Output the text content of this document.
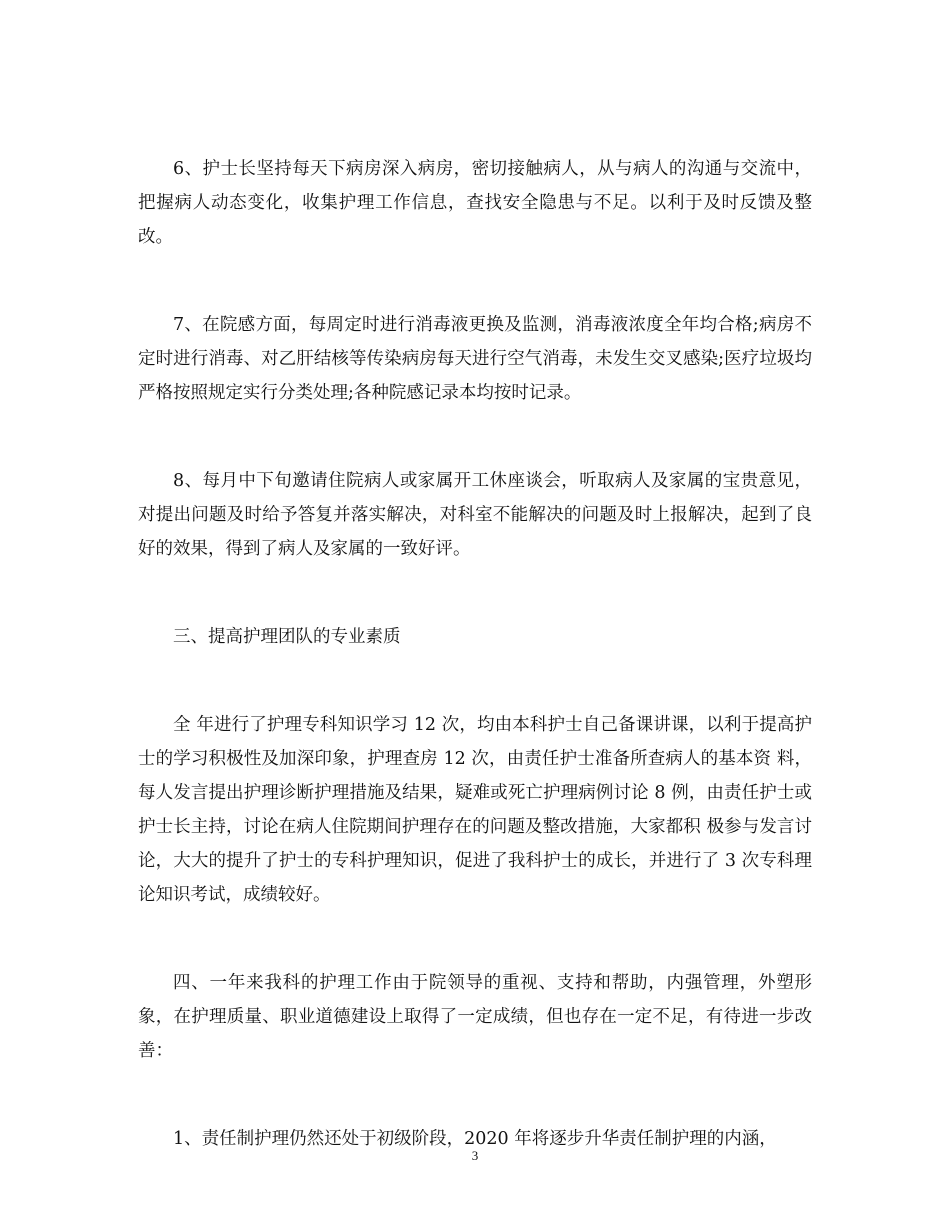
6、护士长坚持每天下病房深入病房，密切接触病人，从与病人的沟通与交流中，把握病人动态变化，收集护理工作信息，查找安全隐患与不足。以利于及时反馈及整改。

7、在院感方面，每周定时进行消毒液更换及监测，消毒液浓度全年均合格;病房不定时进行消毒、对乙肝结核等传染病房每天进行空气消毒，未发生交叉感染;医疗垃圾均严格按照规定实行分类处理;各种院感记录本均按时记录。

8、每月中下旬邀请住院病人或家属开工休座谈会，听取病人及家属的宝贵意见，对提出问题及时给予答复并落实解决，对科室不能解决的问题及时上报解决，起到了良好的效果，得到了病人及家属的一致好评。

三、提高护理团队的专业素质

全 年进行了护理专科知识学习 12 次，均由本科护士自己备课讲课，以利于提高护士的学习积极性及加深印象，护理查房 12 次，由责任护士准备所查病人的基本资 料，每人发言提出护理诊断护理措施及结果，疑难或死亡护理病例讨论 8 例，由责任护士或护士长主持，讨论在病人住院期间护理存在的问题及整改措施，大家都积 极参与发言讨论，大大的提升了护士的专科护理知识，促进了我科护士的成长，并进行了 3 次专科理论知识考试，成绩较好。

四、一年来我科的护理工作由于院领导的重视、支持和帮助，内强管理，外塑形象，在护理质量、职业道德建设上取得了一定成绩，但也存在一定不足，有待进一步改善：

1、责任制护理仍然还处于初级阶段，2020 年将逐步升华责任制护理的内涵，

3
